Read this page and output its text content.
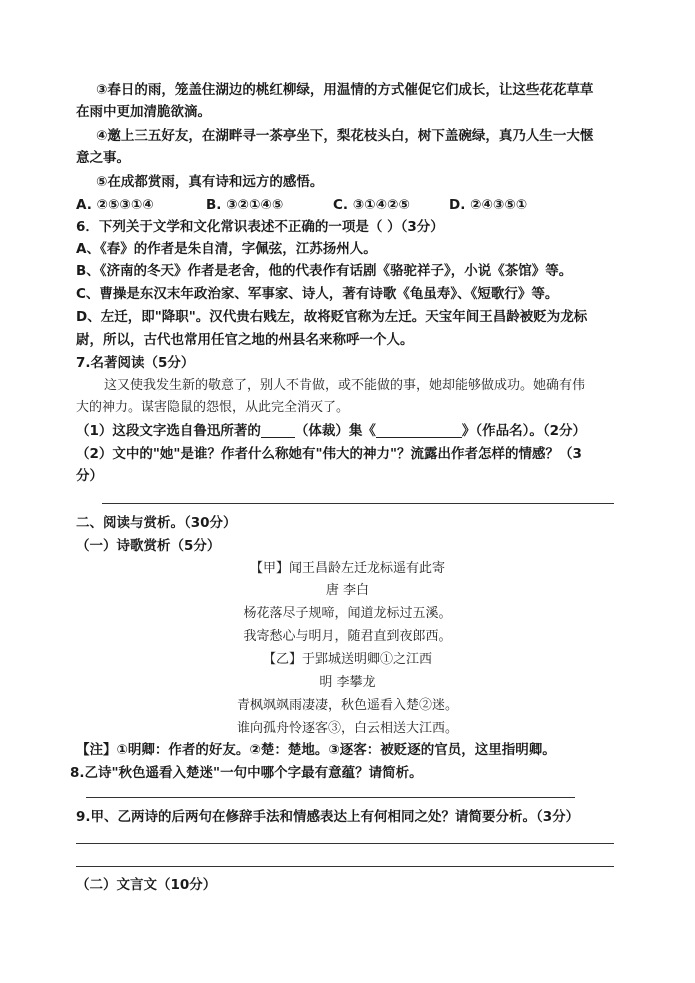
③春日的雨，笼盖住湖边的桃红柳绿，用温情的方式催促它们成长，让这些花花草草
在雨中更加清脆欲滴。
④邀上三五好友，在湖畔寻一茶亭坐下，梨花枝头白，树下盖碗绿，真乃人生一大惬
意之事。
⑤在成都赏雨，真有诗和远方的感悟。
A. ②⑤③①④	B. ③②①④⑤	C. ③①④②⑤	D. ②④③⑤①
6．下列关于文学和文化常识表述不正确的一项是（ ）（3分）
A、《春》的作者是朱自清，字佩弦，江苏扬州人。
B、《济南的冬天》作者是老舍，他的代表作有话剧《骆驼祥子》，小说《茶馆》等。
C、曹操是东汉末年政治家、军事家、诗人，著有诗歌《龟虽寿》、《短歌行》等。
D、左迁，即"降职"。汉代贵右贱左，故将贬官称为左迁。天宝年间王昌龄被贬为龙标
尉，所以，古代也常用任官之地的州县名来称呼一个人。
7.名著阅读（5分）
这又使我发生新的敬意了，别人不肯做，或不能做的事，她却能够做成功。她确有伟
大的神力。谋害隐鼠的怨恨，从此完全消灭了。
（1）这段文字选自鲁迅所著的	（体裁）集《	》（作品名）。（2分）
（2）文中的"她"是谁？作者什么称她有"伟大的神力"？流露出作者怎样的情感？（3
分）
二、阅读与赏析。（30分）
（一）诗歌赏析（5分）
【甲】闻王昌龄左迁龙标遥有此寄
唐 李白
杨花落尽子规啼，闻道龙标过五溪。
我寄愁心与明月，随君直到夜郎西。
【乙】于郢城送明卿①之江西
明 李攀龙
青枫飒飒雨凄凄，秋色遥看入楚②迷。
谁向孤舟怜逐客③，白云相送大江西。
【注】①明卿：作者的好友。②楚：楚地。③逐客：被贬逐的官员，这里指明卿。
8.乙诗"秋色遥看入楚迷"一句中哪个字最有意蕴？请简析。
9.甲、乙两诗的后两句在修辞手法和情感表达上有何相同之处？请简要分析。（3分）
（二）文言文（10分）
